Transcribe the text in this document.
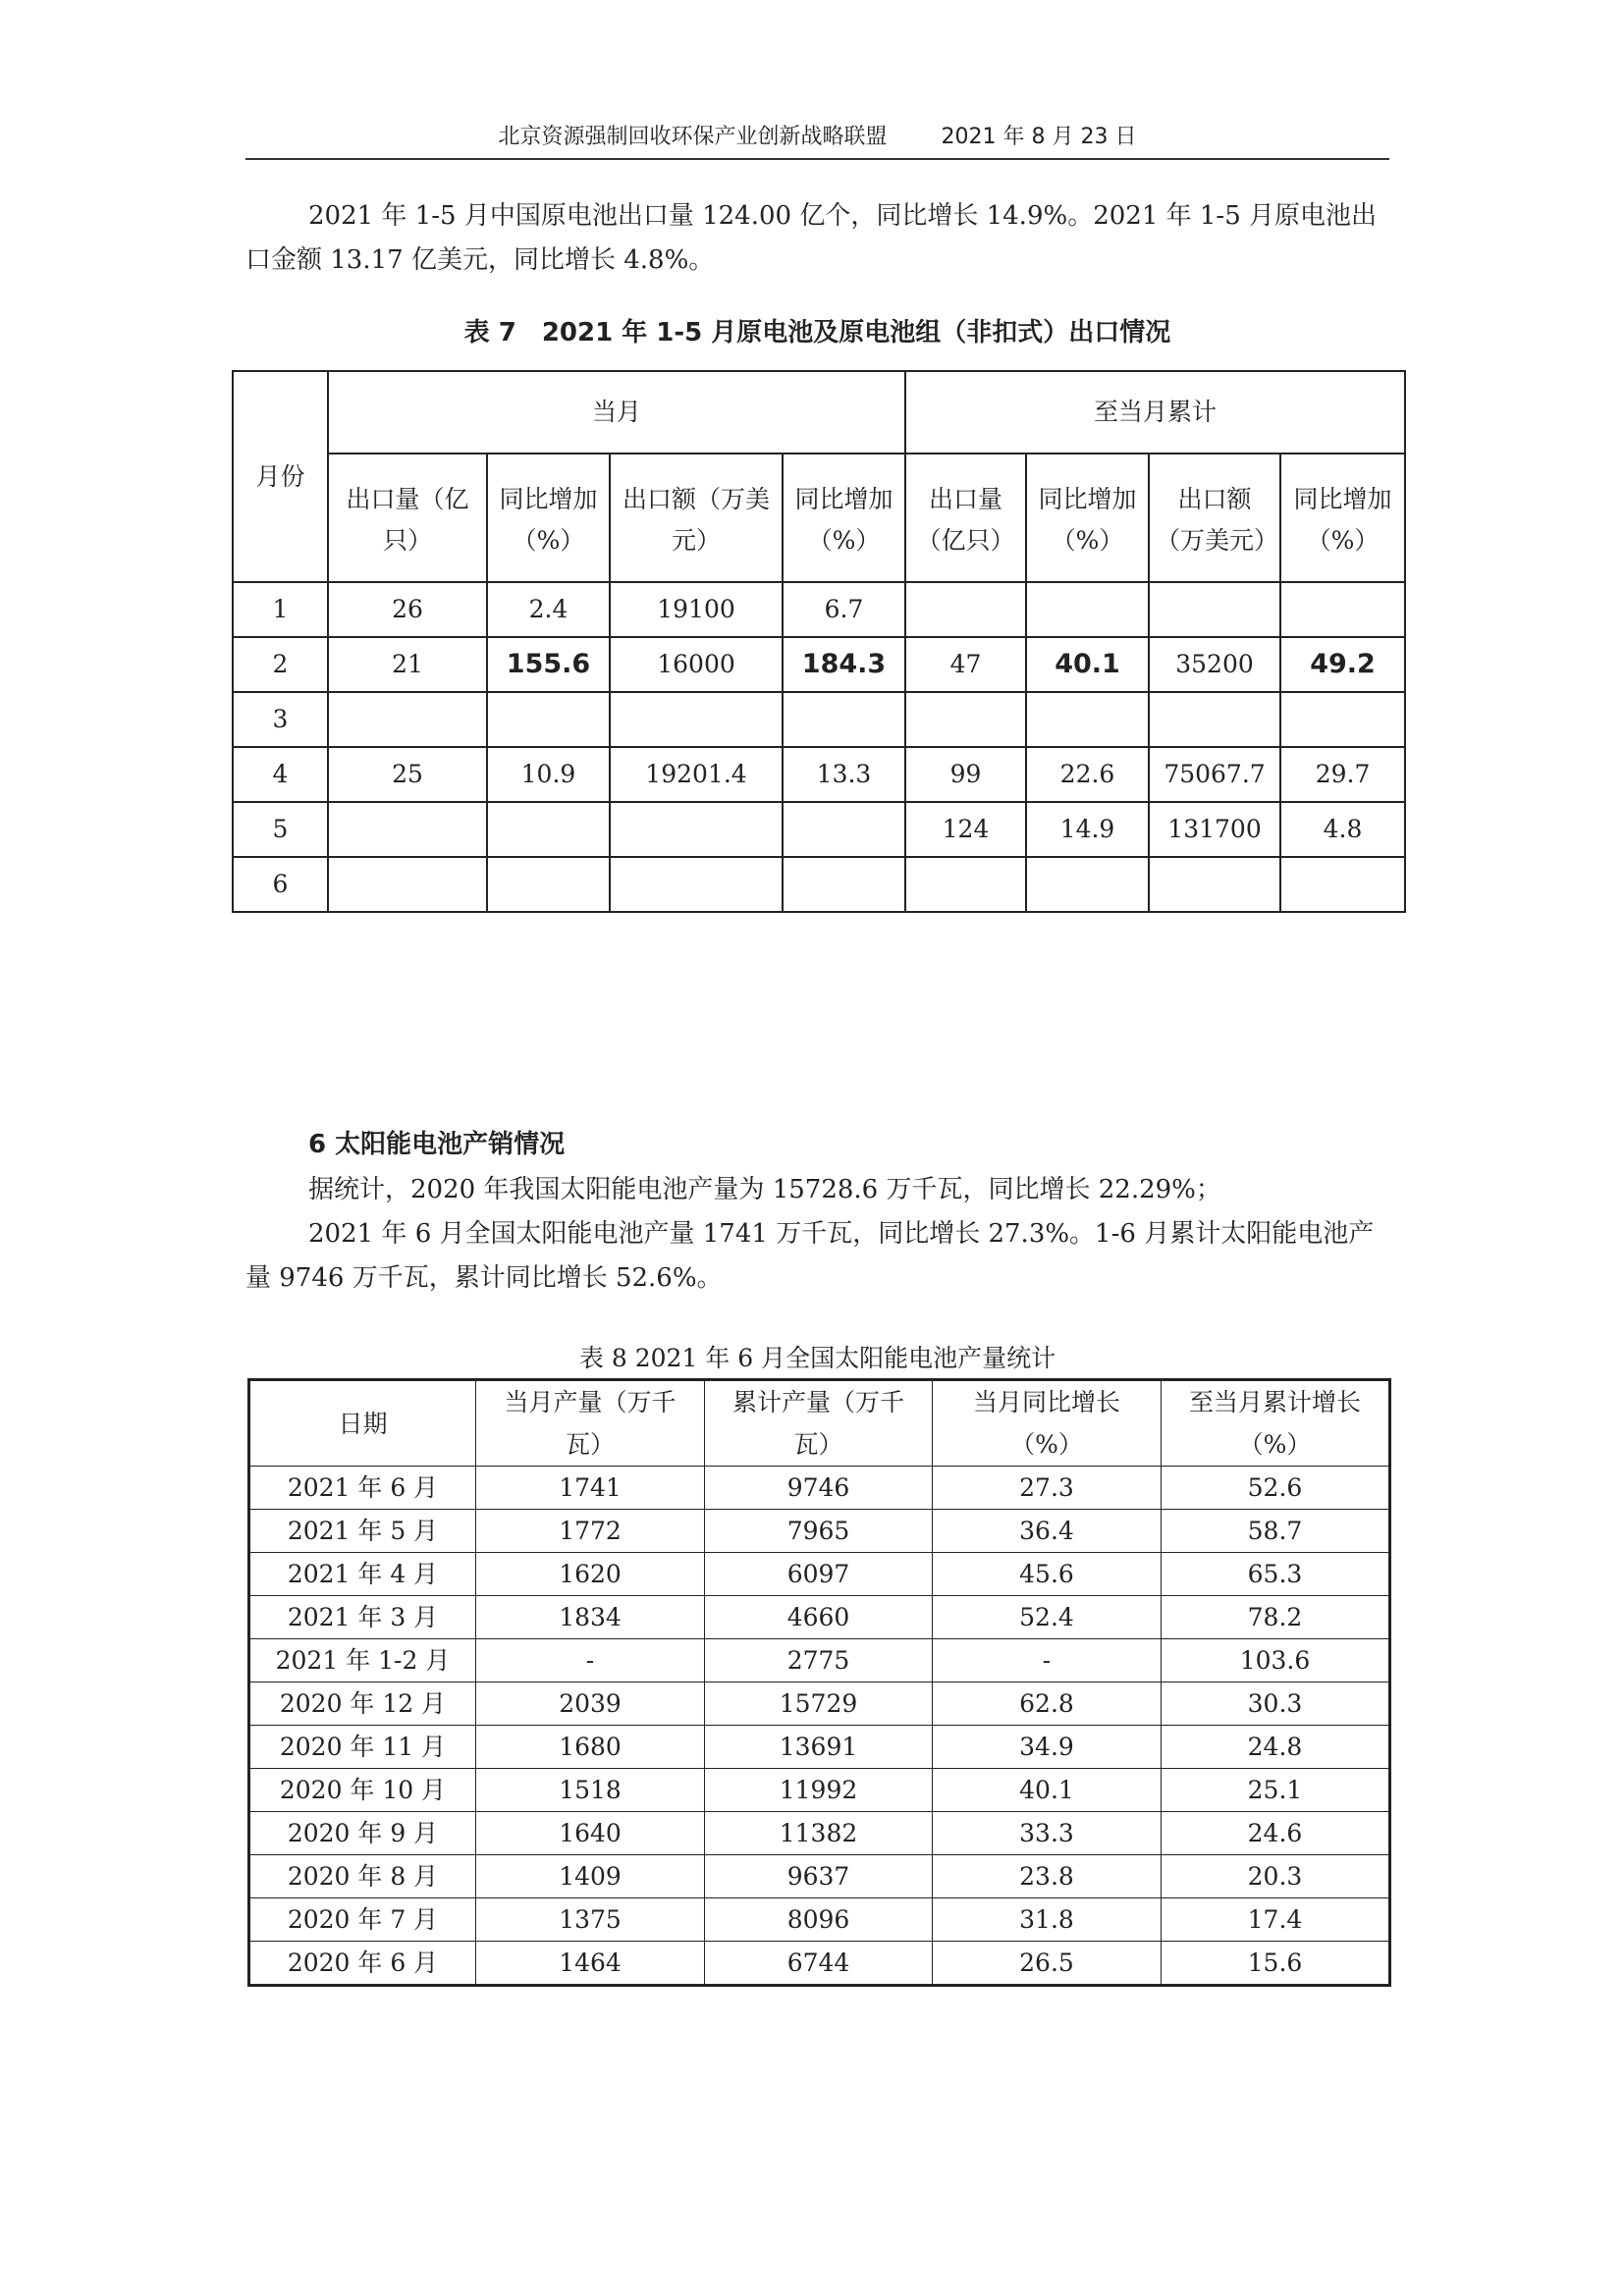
北京资源强制回收环保产业创新战略联盟	2021 年 8 月 23 日

2021 年 1-5 月中国原电池出口量 124.00 亿个，同比增长 14.9%。2021 年 1-5 月原电池出口金额 13.17 亿美元，同比增长 4.8%。

表 7　2021 年 1-5 月原电池及原电池组（非扣式）出口情况
月份	当月				至当月累计			

	出口量（亿只）	同比增加（%）	出口额（万美元）	同比增加（%）	出口量（亿只）	同比增加（%）	出口额（万美元）	同比增加（%）

1	26	2.4	19100	6.7				
2	21	155.6	16000	184.3	47	40.1	35200	49.2
3								
4	25	10.9	19201.4	13.3	99	22.6	75067.7	29.7
5					124	14.9	131700	4.8
6								
6 太阳能电池产销情况

据统计，2020 年我国太阳能电池产量为 15728.6 万千瓦，同比增长 22.29%；

2021 年 6 月全国太阳能电池产量 1741 万千瓦，同比增长 27.3%。1-6 月累计太阳能电池产量 9746 万千瓦，累计同比增长 52.6%。

表 8 2021 年 6 月全国太阳能电池产量统计
日期	当月产量（万千瓦）	累计产量（万千瓦）	当月同比增长（%）	至当月累计增长（%）

2021 年 6 月	1741	9746	27.3	52.6
2021 年 5 月	1772	7965	36.4	58.7
2021 年 4 月	1620	6097	45.6	65.3
2021 年 3 月	1834	4660	52.4	78.2
2021 年 1-2 月	-	2775	-	103.6
2020 年 12 月	2039	15729	62.8	30.3
2020 年 11 月	1680	13691	34.9	24.8
2020 年 10 月	1518	11992	40.1	25.1
2020 年 9 月	1640	11382	33.3	24.6
2020 年 8 月	1409	9637	23.8	20.3
2020 年 7 月	1375	8096	31.8	17.4
2020 年 6 月	1464	6744	26.5	15.6
